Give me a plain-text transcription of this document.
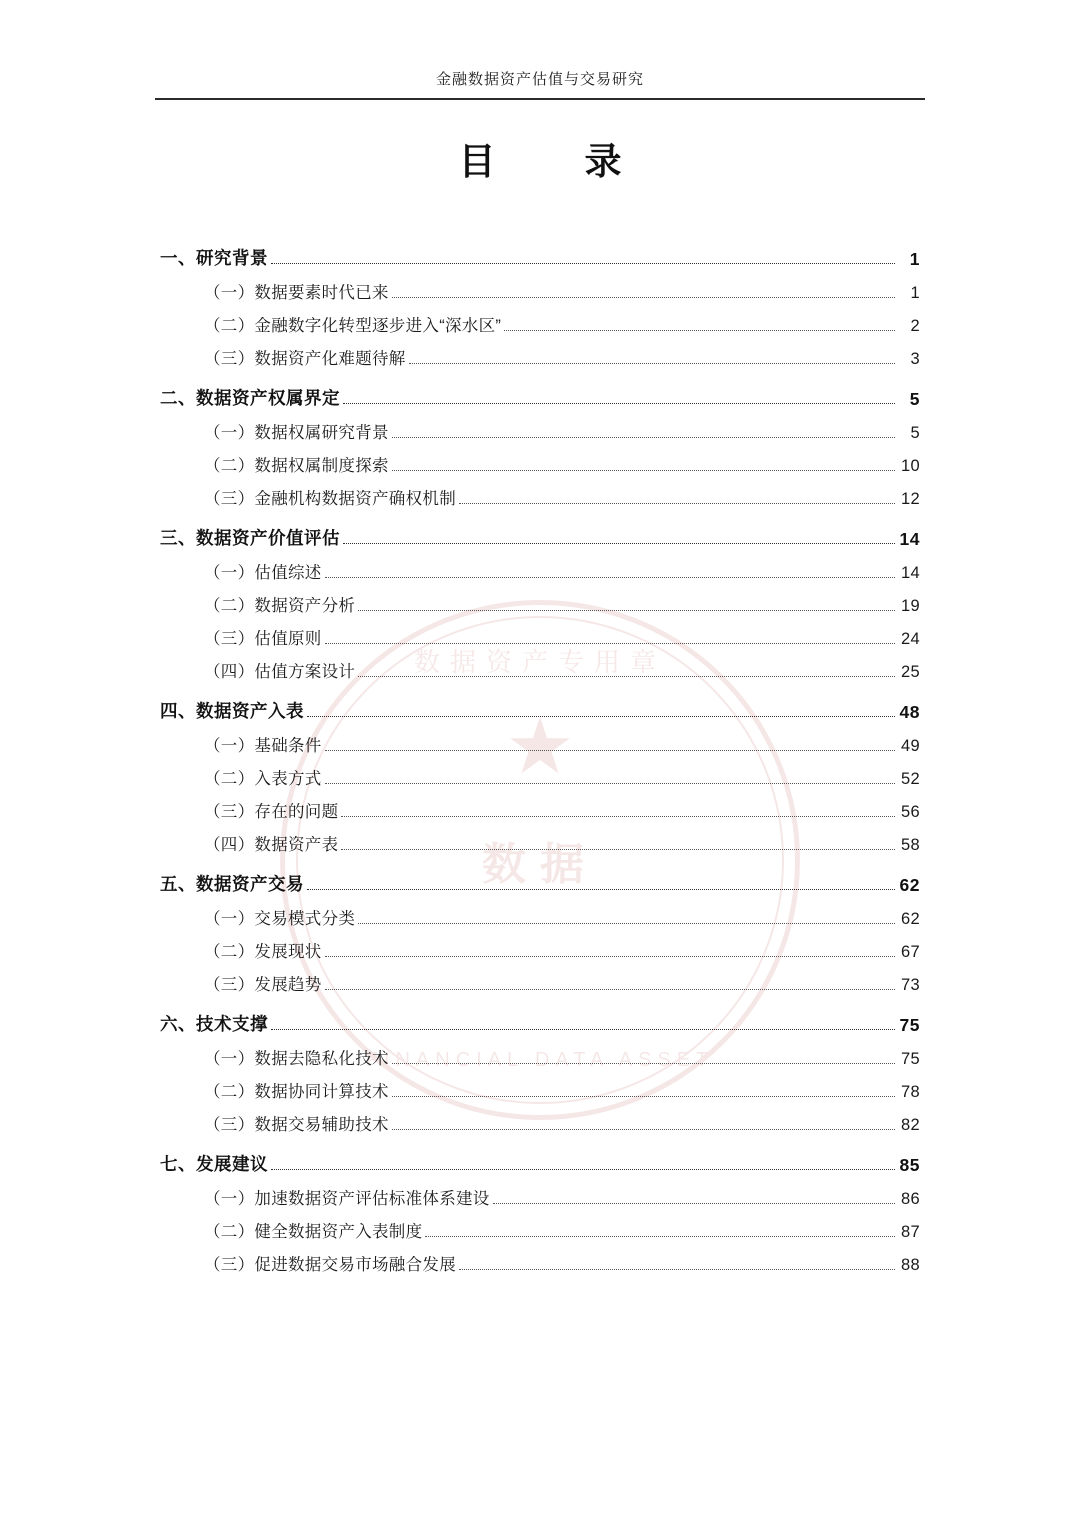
数据资产专用章
★
数据
FINANCIAL DATA ASSET
金融数据资产估值与交易研究
目　录
一、研究背景	1
（一）数据要素时代已来	1
（二）金融数字化转型逐步进入“深水区”	2
（三）数据资产化难题待解	3
二、数据资产权属界定	5
（一）数据权属研究背景	5
（二）数据权属制度探索	10
（三）金融机构数据资产确权机制	12
三、数据资产价值评估	14
（一）估值综述	14
（二）数据资产分析	19
（三）估值原则	24
（四）估值方案设计	25
四、数据资产入表	48
（一）基础条件	49
（二）入表方式	52
（三）存在的问题	56
（四）数据资产表	58
五、数据资产交易	62
（一）交易模式分类	62
（二）发展现状	67
（三）发展趋势	73
六、技术支撑	75
（一）数据去隐私化技术	75
（二）数据协同计算技术	78
（三）数据交易辅助技术	82
七、发展建议	85
（一）加速数据资产评估标准体系建设	86
（二）健全数据资产入表制度	87
（三）促进数据交易市场融合发展	88
